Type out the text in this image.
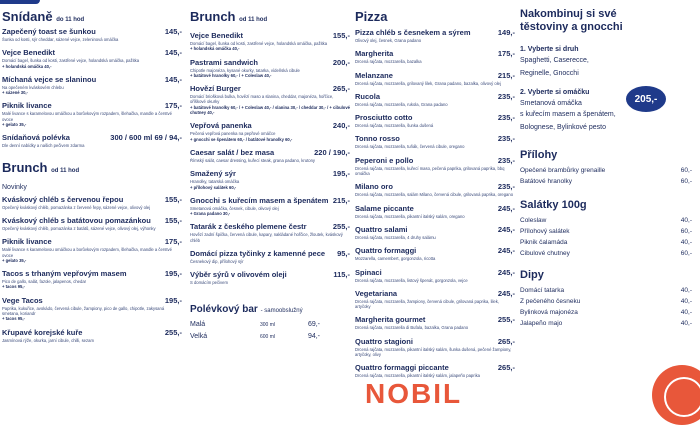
Snídaně do 11 hod
Zapečený toast se šunkou	145,-
Šunka od kosti, sýr cheddar, sázené vejce, zeleninová omáčka
Vejce Benedikt	145,-
Domácí bagel, šunka od kosti, zastřené vejce, holandská omáčka, pažitka
+ holandská omáčka 40,-
Míchaná vejce se slaninou	145,-
Na opečeném kváskovém chlebu
+ sázené 30,-
Piknik livance	175,-
Malé livance s karamelovou omáčkou a borůvkovým rozpadem, šlehačka, mandle a čerstvé ovoce
+ gelato 35,-
Snídaňová polévka	300 / 600 ml 69 / 94,-
Dle denní nabídky a našich pečivem zdarma
Brunch od 11 hod
Novinky
Kváskový chléb s červenou řepou	155,-
Opečený kváskový chléb, pomazánka z červené řepy, sázené vejce, olivový olej
Kváskový chléb s batátovou pomazánkou 155,-
Opečený kváskový chléb, pomazánka z batátů, sázené vejce, olivový olej, výhonky
Piknik livance	175,-
Malé livance s karamelovou omáčkou a borůvkovým rozpadem, šlehačka, mandle a čerstvé ovoce
+ gelato 35,-
Tacos s trhaným vepřovým masem	195,-
Pico de gallo, salát, fazole, jalapenos, chedar
+ tacos 95,-
Vege Tacos	195,-
Paprika, kukuřice, avokádo, červená cibule, žampiony, pico de gallo, chipotle, zakysaná smetana, koriandr
+ tacos 95,-
Křupavé korejské kuře	255,-
Jasmínová rýže, okurka, jarní cibule, chilli, sezam
Brunch od 11 hod
Vejce Benedikt	155,-
Domácí bagel, šunka od kosti, zastřené vejce, holandská omáčka, pažitka
+ holandská omáčka 40,-
Pastrami sandwich	200,-
Chipotle majonéza, kysané okurky, tatarka, vídeňská cibule
+ batátové hranolky 60,- / + Coleslaw 40,-
Hovězí Burger	265,-
Domácí briošková bulka, hovězí maso a slanina, cheddar, majonéza, hořčice, oříškové okurky
+ batátové hranolky 60,- / + Coleslaw 40,- / slanina 30,- / cheddar 30,- / + cibulové chutney 40,-
Vepřová panenka	240,-
Pečená vepřová panenka na pepřové omáčce
+ gnocchi se špenátem 60,- / batátové hranolky 60,-
Caesar salát / bez masa	220 / 190,-
Římský salát, caesar dressing, kuřecí steak, grana padano, krutony
Smažený sýr	195,-
Hranolky, tatarská omáčka
+ přílohový salátek 60,-
Gnocchi s kuřecím masem a špenátem 215,-
Smetanová omáčka, česnek, cibule, olivový olej
+ Grana padano 30,-
Tatarák z českého plemene čestr	255,-
Hovězí zadní špička, červená cibule, kapary, nakládané hořčice, žloutek, kváskový chléb
Domácí pizza tyčinky z kamenné pece 95,-
Česnekový dip, přílohový sýr
Výběr sýrů v olivovém oleji	115,-
S domácím pečivem
Polévkový bar - samoobslužný
Malá	300 ml	69,-
Velká	600 ml	94,-
Pizza
Pizza chléb s česnekem a sýrem	149,-
Olivový olej, česnek, Grana padano
Margherita	175,-
Drcená rajčata, mozzarella, bazalka
Melanzane	215,-
Drcená rajčata, mozzarella, grilovaný lilek, Grana padano, bazalka, olivový olej
Rucola	235,-
Drcená rajčata, mozzarella, rukola, Grana padano
Prosciutto cotto	235,-
Drcená rajčata, mozzarella, šunka dušená
Tonno rosso	235,-
Drcená rajčata, mozzarella, tuňák, červená cibule, oregano
Peperoni e pollo	235,-
Drcená rajčata, mozzarella, kuřecí maso, pečená paprika, grilovaná paprika, bbq omáčka
Milano oro	235,-
Drcená rajčata, mozzarella, salám Milano, červená cibule, grilovaná paprika, oregano
Salame piccante	245,-
Drcená rajčata, mozzarella, pikantní italský salám, oregano
Quattro salami	245,-
Drcená rajčata, mozzarella, 4 druhy salámu
Quattro formaggi	245,-
Mozzarella, camembert, gorgonzola, ricotta
Spinaci	245,-
Drcená rajčata, mozzarella, listový špenát, gorgonzola, vejce
Vegetariana	245,-
Drcená rajčata, mozzarella, žampiony, červená cibule, grilovaná paprika, lilek, artyčoky
Margherita gourmet	255,-
Drcená rajčata, mozzarella di Bufala, bazalka, Grana padano
Quattro stagioni	265,-
Drcená rajčata, mozzarella, pikantní italský salám, šunka dušená, pečené žampiony, artyčoky, olivy
Quattro formaggi piccante	265,-
Drcená rajčata, mozzarella, pikantní italský salám, jalapeño paprika
NOBIL
Nakombinuj si své těstoviny a gnocchi
1. Vyberte si druh
Spaghetti, Caserecce,
Reginelle, Gnocchi
205,-
2. Vyberte si omáčku
Smetanová omáčka
s kuřecím masem a špenátem,
Bolognese, Bylinkové pesto
Přílohy
Opečené brambůrky grenaille	60,-
Batátové hranolky	60,-
Salátky 100g
Coleslaw	40,-
Přílohový salátek	60,-
Piknik čalamáda	40,-
Cibulové chutney	60,-
Dipy
Domácí tatarka	40,-
Z pečeného česneku	40,-
Bylinková majonéza	40,-
Jalapeño majo	40,-
